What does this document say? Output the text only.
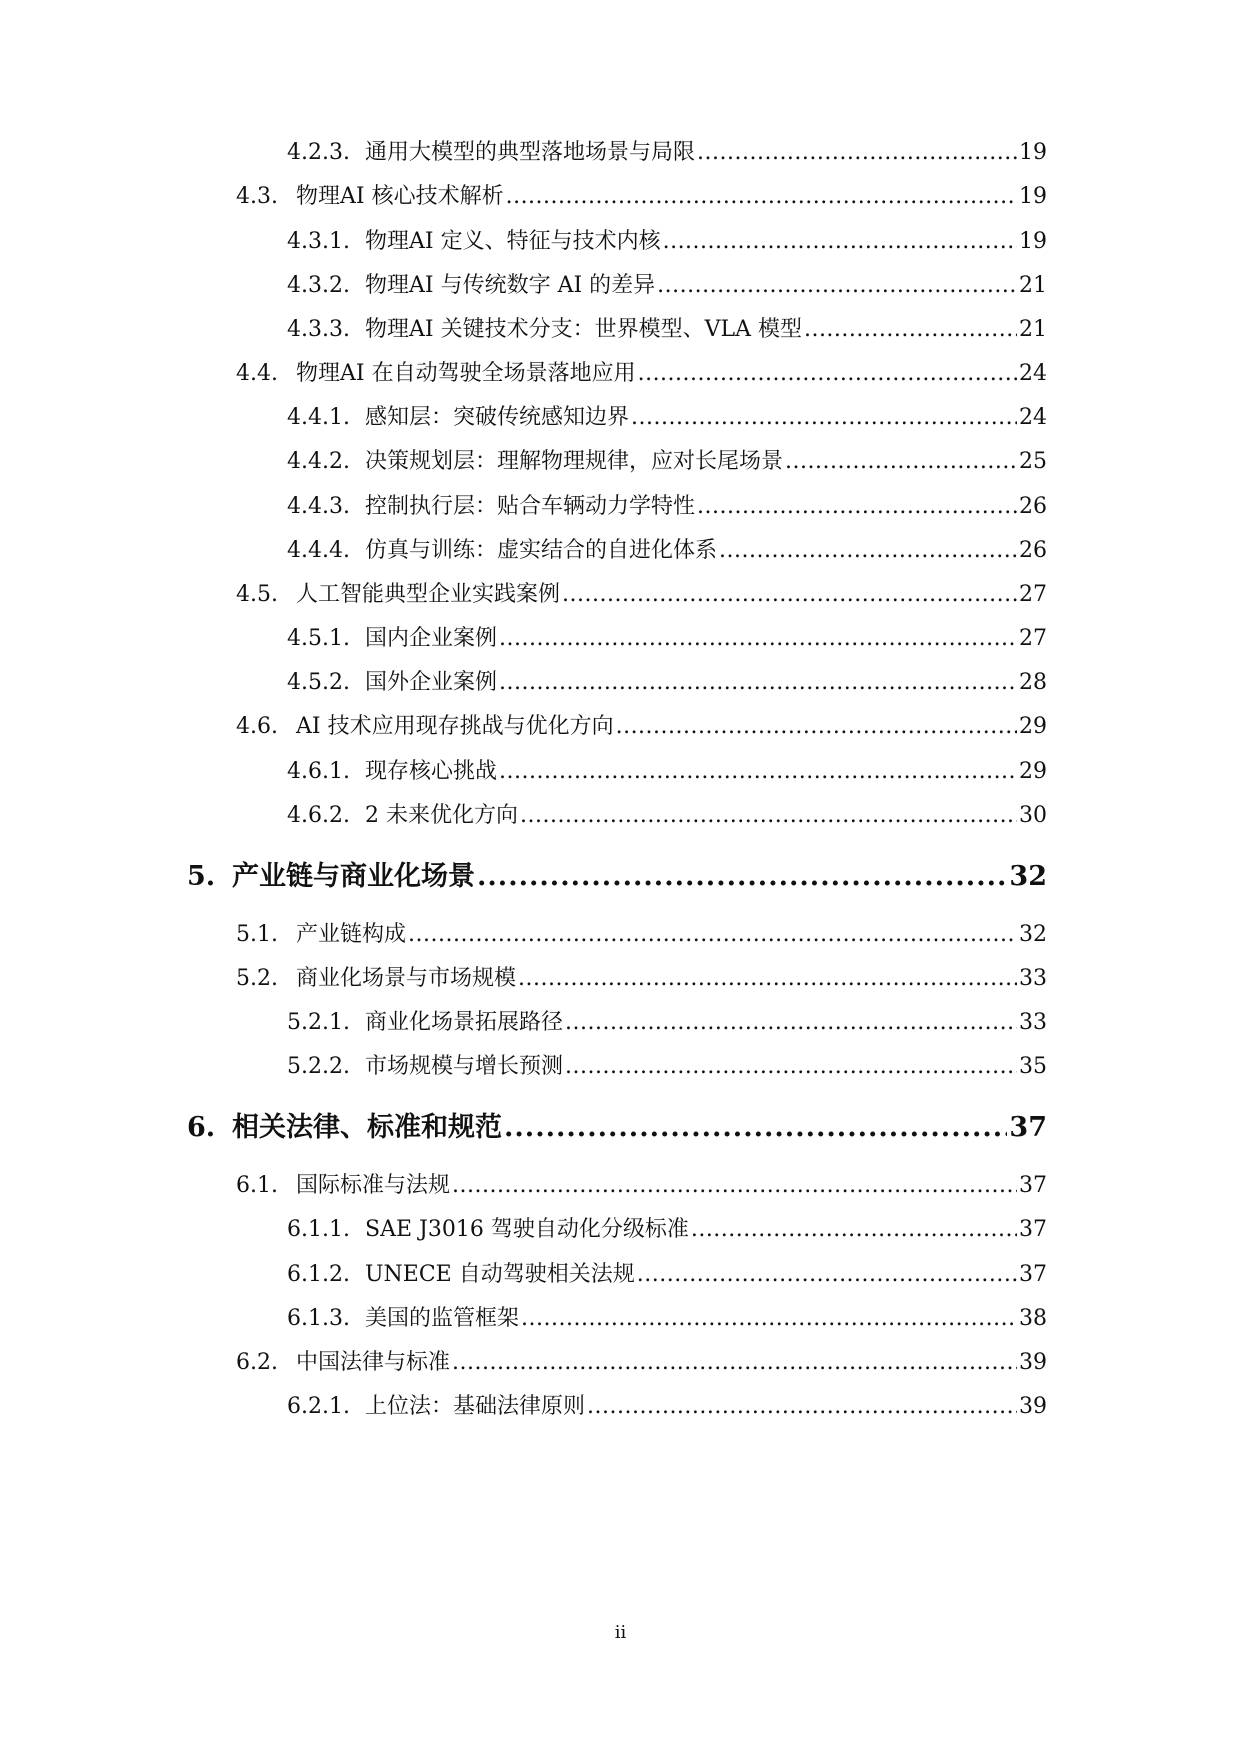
4.2.3. 通用大模型的典型落地场景与局限 .....	19
4.3. 物理AI 核心技术解析 .....	19
4.3.1. 物理AI 定义、特征与技术内核 .....	19
4.3.2. 物理AI 与传统数字 AI 的差异 .....	21
4.3.3. 物理AI 关键技术分支：世界模型、VLA 模型 .....	21
4.4. 物理AI 在自动驾驶全场景落地应用 .....	24
4.4.1. 感知层：突破传统感知边界 .....	24
4.4.2. 决策规划层：理解物理规律，应对长尾场景 .....	25
4.4.3. 控制执行层：贴合车辆动力学特性 .....	26
4.4.4. 仿真与训练：虚实结合的自进化体系 .....	26
4.5. 人工智能典型企业实践案例 .....	27
4.5.1. 国内企业案例 .....	27
4.5.2. 国外企业案例 .....	28
4.6. AI 技术应用现存挑战与优化方向 .....	29
4.6.1. 现存核心挑战 .....	29
4.6.2. 2 未来优化方向 .....	30
5. 产业链与商业化场景 .....	32
5.1. 产业链构成 .....	32
5.2. 商业化场景与市场规模 .....	33
5.2.1. 商业化场景拓展路径 .....	33
5.2.2. 市场规模与增长预测 .....	35
6. 相关法律、标准和规范 .....	37
6.1. 国际标准与法规 .....	37
6.1.1. SAE J3016 驾驶自动化分级标准 .....	37
6.1.2. UNECE 自动驾驶相关法规 .....	37
6.1.3. 美国的监管框架 .....	38
6.2. 中国法律与标准 .....	39
6.2.1. 上位法：基础法律原则 .....	39
ii
